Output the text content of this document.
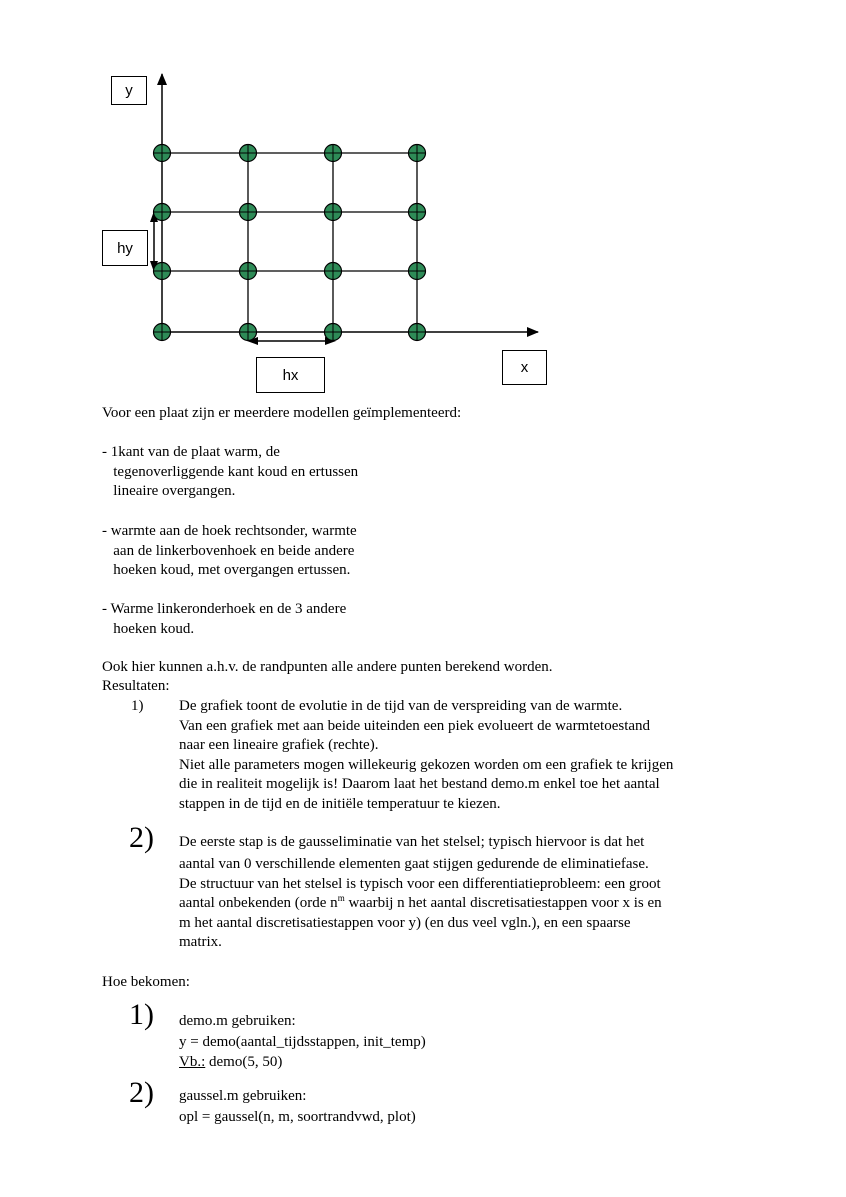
y
hy
hx	x
Voor een plaat zijn er meerdere modellen geïmplementeerd:
- 1kant van de plaat warm, de
tegenoverliggende kant koud en ertussen
lineaire overgangen.
- warmte aan de hoek rechtsonder, warmte
aan de linkerbovenhoek en beide andere
hoeken koud, met overgangen ertussen.
- Warme linkeronderhoek en de 3 andere
hoeken koud.
Ook hier kunnen a.h.v. de randpunten alle andere punten berekend worden.
Resultaten:
1) De grafiek toont de evolutie in de tijd van de verspreiding van de warmte.
Van een grafiek met aan beide uiteinden een piek evolueert de warmtetoestand
naar een lineaire grafiek (rechte).
Niet alle parameters mogen willekeurig gekozen worden om een grafiek te krijgen
die in realiteit mogelijk is! Daarom laat het bestand demo.m enkel toe het aantal
stappen in de tijd en de initiële temperatuur te kiezen.
2) De eerste stap is de gausseliminatie van het stelsel; typisch hiervoor is dat het
aantal van 0 verschillende elementen gaat stijgen gedurende de eliminatiefase.
De structuur van het stelsel is typisch voor een differentiatieprobleem: een groot
aantal onbekenden (orde $n^m$ waarbij n het aantal discretisatiestappen voor x is en
m het aantal discretisatiestappen voor y) (en dus veel vgln.), en een spaarse
matrix.
Hoe bekomen:
1) demo.m gebruiken:
y = demo(aantal_tijdsstappen, init_temp)
Vb.: demo(5, 50)
2) gaussel.m gebruiken:
opl = gaussel(n, m, soortrandvwd, plot)
